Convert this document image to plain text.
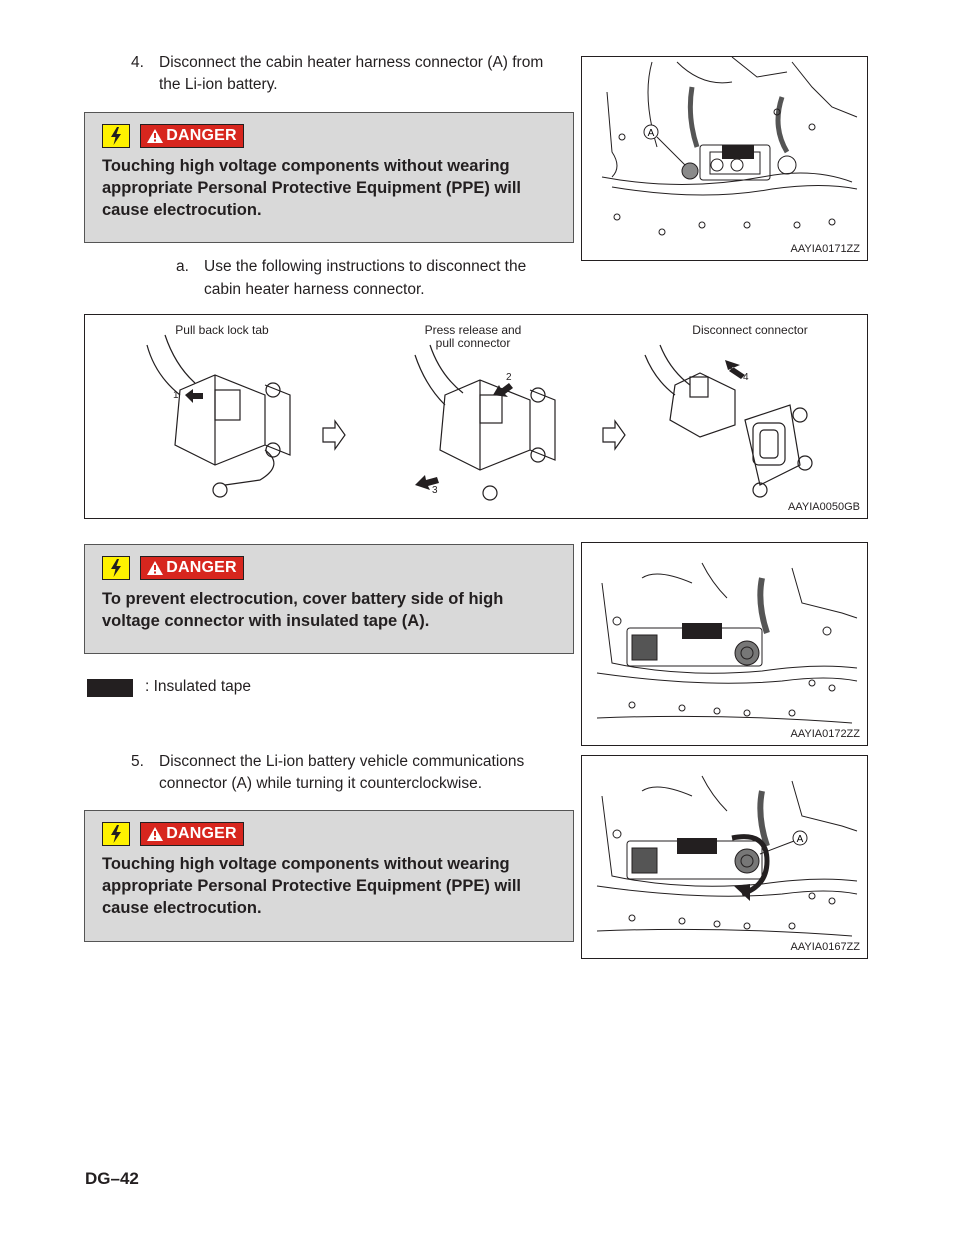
4. Disconnect the cabin heater harness connector (A) from
the Li-ion battery.
DANGER
Touching high voltage components without wearing
appropriate Personal Protective Equipment (PPE) will
cause electrocution.
A
AAYIA0171ZZ
a. Use the following instructions to disconnect the
cabin heater harness connector.
Pull back lock tab	Press release and
pull connector
Disconnect connector
1
2
3
4
AAYIA0050GB
DANGER
To prevent electrocution, cover battery side of high
voltage connector with insulated tape (A).
: Insulated tape
AAYIA0172ZZ
5. Disconnect the Li-ion battery vehicle communications
connector (A) while turning it counterclockwise.
DANGER
Touching high voltage components without wearing
appropriate Personal Protective Equipment (PPE) will
cause electrocution.
A
AAYIA0167ZZ
DG–42
